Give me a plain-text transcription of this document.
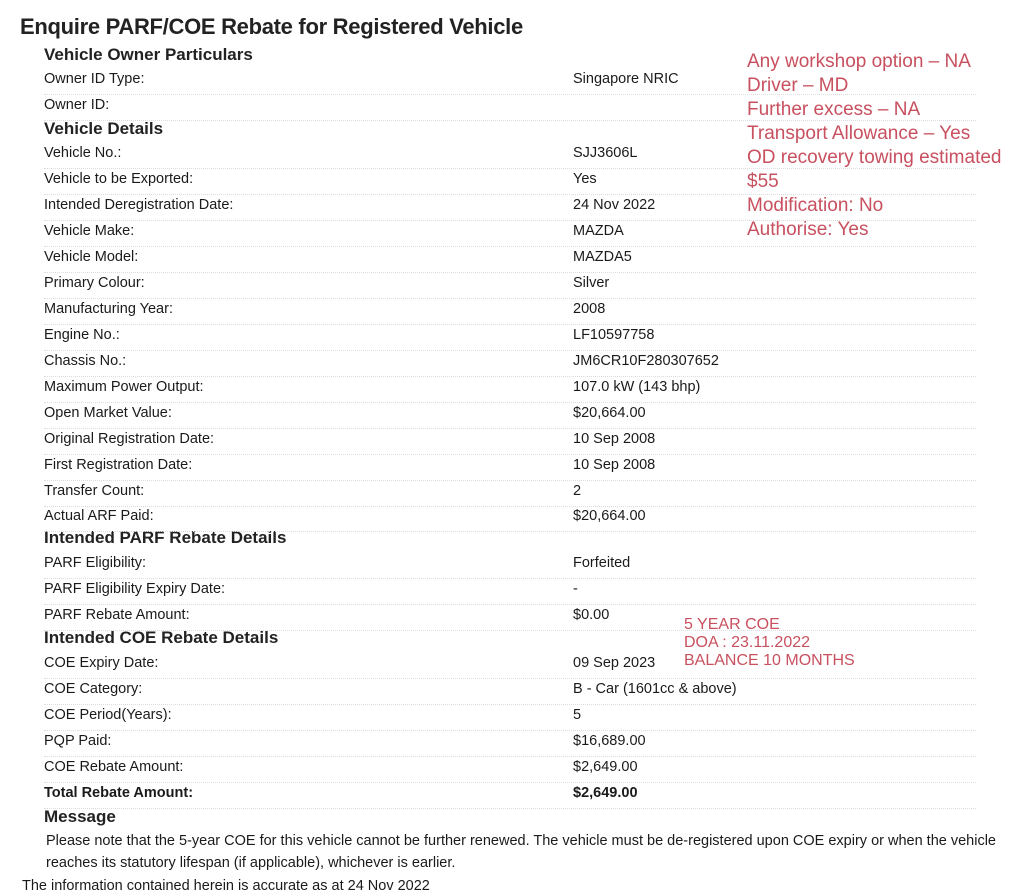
Enquire PARF/COE Rebate for Registered Vehicle
Vehicle Owner Particulars
Vehicle Details
Intended PARF Rebate Details
Intended COE Rebate Details
Message
Owner ID Type:	Singapore NRIC
Owner ID:
Vehicle No.:	SJJ3606L
Vehicle to be Exported:	Yes
Intended Deregistration Date:	24 Nov 2022
Vehicle Make:	MAZDA
Vehicle Model:	MAZDA5
Primary Colour:	Silver
Manufacturing Year:	2008
Engine No.:	LF10597758
Chassis No.:	JM6CR10F280307652
Maximum Power Output:	107.0 kW (143 bhp)
Open Market Value:	$20,664.00
Original Registration Date:	10 Sep 2008
First Registration Date:	10 Sep 2008
Transfer Count:	2
Actual ARF Paid:	$20,664.00
PARF Eligibility:	Forfeited
PARF Eligibility Expiry Date:	-
PARF Rebate Amount:	$0.00
COE Expiry Date:	09 Sep 2023
COE Category:	B - Car (1601cc & above)
COE Period(Years):	5
PQP Paid:	$16,689.00
COE Rebate Amount:	$2,649.00
Total Rebate Amount:	$2,649.00
Please note that the 5-year COE for this vehicle cannot be further renewed. The vehicle must be de-registered upon COE expiry or when the vehicle reaches its statutory lifespan (if applicable), whichever is earlier.
The information contained herein is accurate as at 24 Nov 2022
Any workshop option – NA
Driver – MD
Further excess – NA
Transport Allowance – Yes
OD recovery towing estimated
$55
Modification: No
Authorise: Yes
5 YEAR COE
DOA : 23.11.2022
BALANCE 10 MONTHS
